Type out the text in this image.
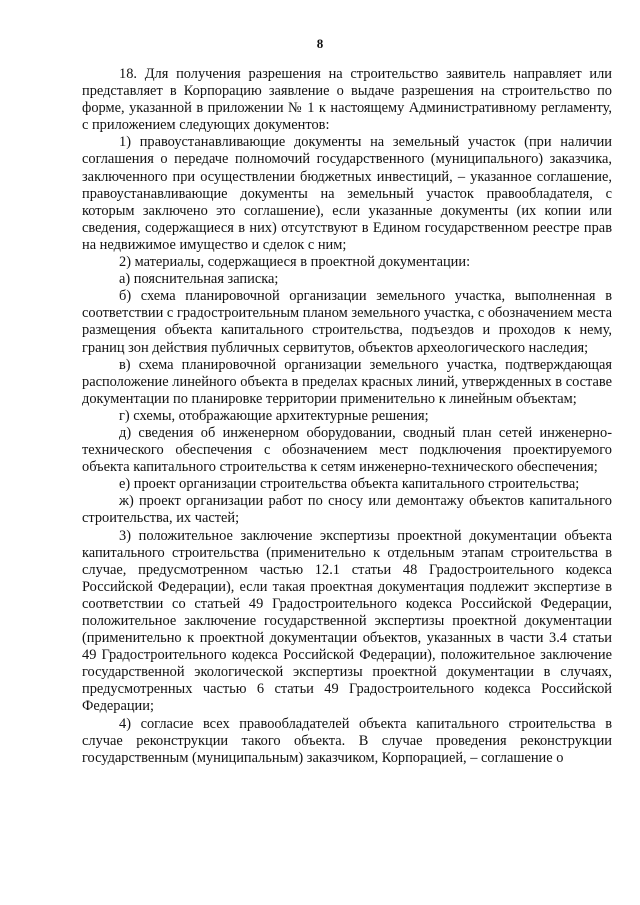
8

18. Для получения разрешения на строительство заявитель направляет или представляет в Корпорацию заявление о выдаче разрешения на строительство по форме, указанной в приложении № 1 к настоящему Административному регламенту, с приложением следующих документов:

1) правоустанавливающие документы на земельный участок (при наличии соглашения о передаче полномочий государственного (муниципального) заказчика, заключенного при осуществлении бюджетных инвестиций, – указанное соглашение, правоустанавливающие документы на земельный участок правообладателя, с которым заключено это соглашение), если указанные документы (их копии или сведения, содержащиеся в них) отсутствуют в Едином государственном реестре прав на недвижимое имущество и сделок с ним;

2) материалы, содержащиеся в проектной документации:

а) пояснительная записка;

б) схема планировочной организации земельного участка, выполненная в соответствии с градостроительным планом земельного участка, с обозначением места размещения объекта капитального строительства, подъездов и проходов к нему, границ зон действия публичных сервитутов, объектов археологического наследия;

в) схема планировочной организации земельного участка, подтверждающая расположение линейного объекта в пределах красных линий, утвержденных в составе документации по планировке территории применительно к линейным объектам;

г) схемы, отображающие архитектурные решения;

д) сведения об инженерном оборудовании, сводный план сетей инженерно-технического обеспечения с обозначением мест подключения проектируемого объекта капитального строительства к сетям инженерно-технического обеспечения;

е) проект организации строительства объекта капитального строительства;

ж) проект организации работ по сносу или демонтажу объектов капитального строительства, их частей;

3) положительное заключение экспертизы проектной документации объекта капитального строительства (применительно к отдельным этапам строительства в случае, предусмотренном частью 12.1 статьи 48 Градостроительного кодекса Российской Федерации), если такая проектная документация подлежит экспертизе в соответствии со статьей 49 Градостроительного кодекса Российской Федерации, положительное заключение государственной экспертизы проектной документации (применительно к проектной документации объектов, указанных в части 3.4 статьи 49 Градостроительного кодекса Российской Федерации), положительное заключение государственной экологической экспертизы проектной документации в случаях, предусмотренных частью 6 статьи 49 Градостроительного кодекса Российской Федерации;

4) согласие всех правообладателей объекта капитального строительства в случае реконструкции такого объекта. В случае проведения реконструкции государственным (муниципальным) заказчиком, Корпорацией, – соглашение о
